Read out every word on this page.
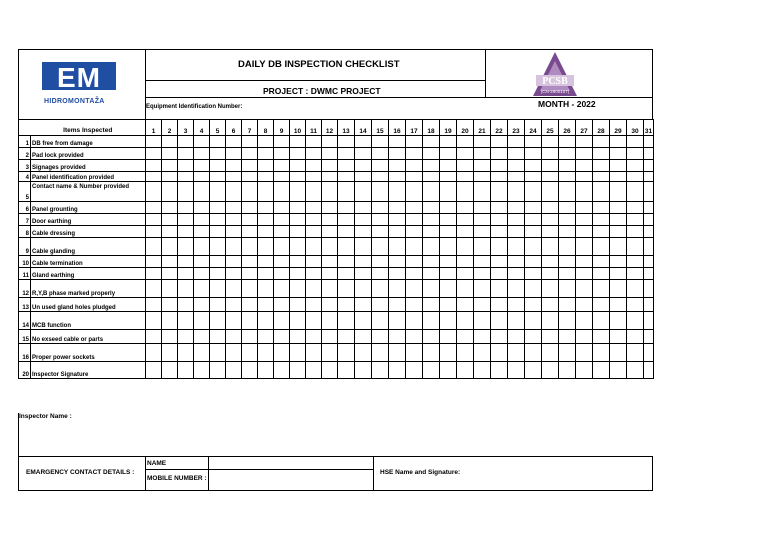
EM
HIDROMONTAŽA
DAILY DB INSPECTION CHECKLIST
PROJECT : DWMC PROJECT
Equipment Identification Number:	MONTH - 2022
PCSB
(CN-2900107)
	Items Inspected	1	2	3	4	5	6	7	8	9	10	11	12	13	14	15	16	17	18	19	20	21	22	23	24	25	26	27	28	29	30	31
1	DB free from damage																															
2	Pad lock provided																															
3	Signages provided																															
4	Panel identification provided																															
5	Contact name & Number provided																															
6	Panel grounting																															
7	Door earthing																															
8	Cable dressing																															
9	Cable glanding																															
10	Cable termination																															
11	Gland earthing																															
12	R,Y,B phase marked properly																															
13	Un used gland holes pludged																															
14	MCB function																															
15	No exseed cable or parts																															
16	Proper power sockets																															
20	Inspector Signature																															
Inspector Name :
EMARGENCY CONTACT DETAILS :
NAME
MOBILE NUMBER :
HSE Name and Signature:
